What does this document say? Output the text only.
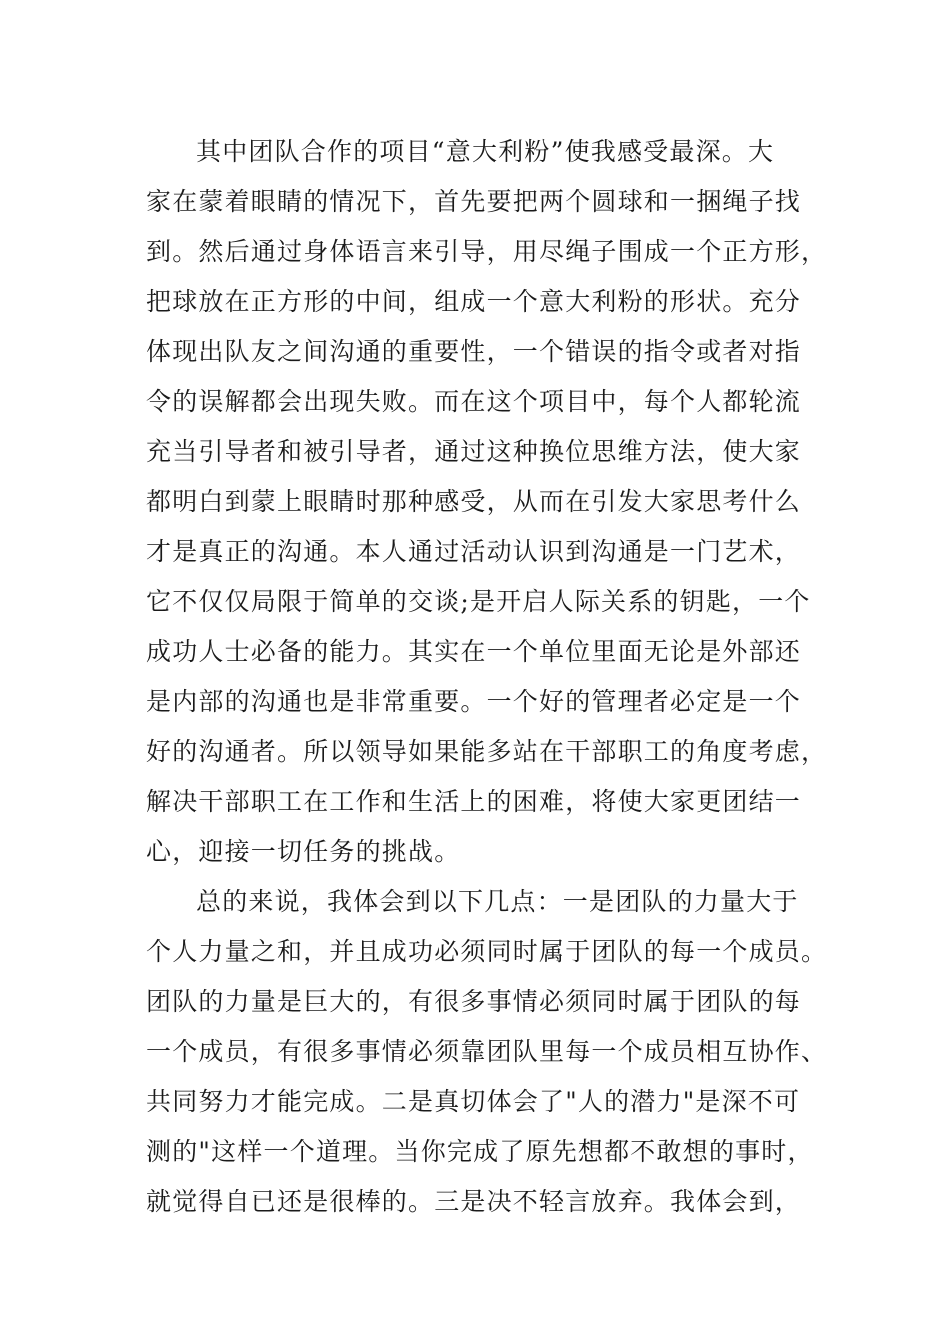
其中团队合作的项目“意大利粉”使我感受最深。大
家在蒙着眼睛的情况下，首先要把两个圆球和一捆绳子找
到。然后通过身体语言来引导，用尽绳子围成一个正方形，
把球放在正方形的中间，组成一个意大利粉的形状。充分
体现出队友之间沟通的重要性，一个错误的指令或者对指
令的误解都会出现失败。而在这个项目中，每个人都轮流
充当引导者和被引导者，通过这种换位思维方法，使大家
都明白到蒙上眼睛时那种感受，从而在引发大家思考什么
才是真正的沟通。本人通过活动认识到沟通是一门艺术，
它不仅仅局限于简单的交谈;是开启人际关系的钥匙，一个
成功人士必备的能力。其实在一个单位里面无论是外部还
是内部的沟通也是非常重要。一个好的管理者必定是一个
好的沟通者。所以领导如果能多站在干部职工的角度考虑，
解决干部职工在工作和生活上的困难，将使大家更团结一
心，迎接一切任务的挑战。
总的来说，我体会到以下几点：一是团队的力量大于
个人力量之和，并且成功必须同时属于团队的每一个成员。
团队的力量是巨大的，有很多事情必须同时属于团队的每
一个成员，有很多事情必须靠团队里每一个成员相互协作、
共同努力才能完成。二是真切体会了"人的潜力"是深不可
测的"这样一个道理。当你完成了原先想都不敢想的事时，
就觉得自已还是很棒的。三是决不轻言放弃。我体会到，
